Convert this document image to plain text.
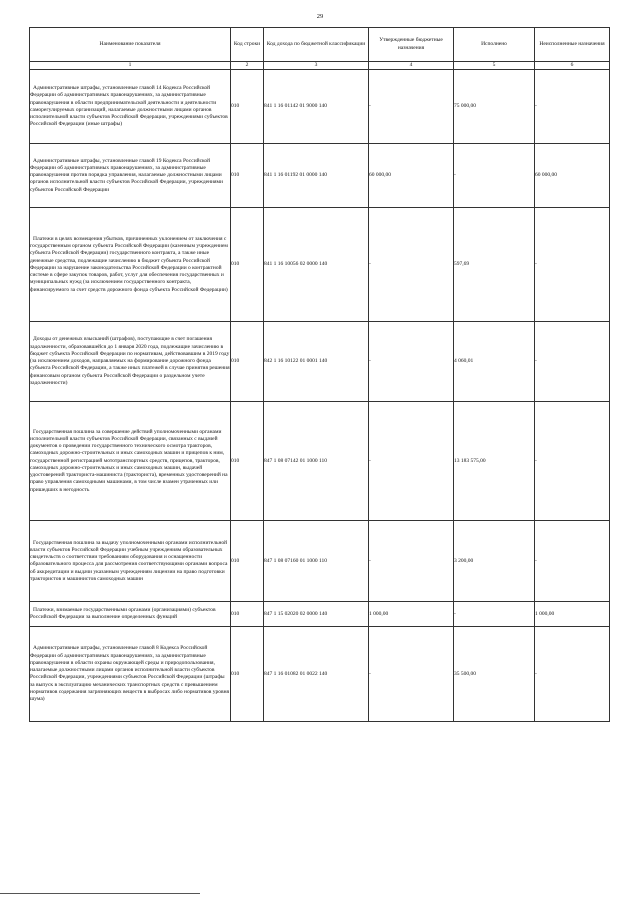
29
Наименование показателя	Код строки	Код дохода по бюджетной классификации	Утвержденные бюджетные назначения	Исполнено	Неисполненные назначения
1	2	3	4	5	6
Административные штрафы, установленные главой 14 Кодекса Российской Федерации об административных правонарушениях, за административные правонарушения в области предпринимательской деятельности и деятельности саморегулируемых организаций, налагаемые должностными лицами органов исполнительной власти субъектов Российской Федерации, учреждениями субъектов Российской Федерации (иные штрафы)	010	841 1 16 01142 01 9000 140	-	75 000,00	-
Административные штрафы, установленные главой 19 Кодекса Российской Федерации об административных правонарушениях, за административные правонарушения против порядка управления, налагаемые должностными лицами органов исполнительной власти субъектов Российской Федерации, учреждениями субъектов Российской Федерации	010	841 1 16 01192 01 0000 140	60 000,00	-	60 000,00
Платежи в целях возмещения убытков, причиненных уклонением от заключения с государственным органом субъекта Российской Федерации (казенным учреждением субъекта Российской Федерации) государственного контракта, а также иные денежные средства, подлежащие зачислению в бюджет субъекта Российской Федерации за нарушение законодательства Российской Федерации о контрактной системе в сфере закупок товаров, работ, услуг для обеспечения государственных и муниципальных нужд (за исключением государственного контракта, финансируемого за счет средств дорожного фонда субъекта Российской Федерации)	010	841 1 16 10056 02 0000 140	-	597,69	-
Доходы от денежных взысканий (штрафов), поступающие в счет погашения задолженности, образовавшейся до 1 января 2020 года, подлежащие зачислению в бюджет субъекта Российской Федерации по нормативам, действовавшим в 2019 году (за исключением доходов, направляемых на формирование дорожного фонда субъекта Российской Федерации, а также иных платежей в случае принятия решения финансовым органом субъекта Российской Федерации о раздельном учете задолженности)	010	842 1 16 10122 01 0001 140	-	4 060,01	-
Государственная пошлина за совершение действий уполномоченными органами исполнительной власти субъектов Российской Федерации, связанных с выдачей документов о проведении государственного технического осмотра тракторов, самоходных дорожно-строительных и иных самоходных машин и прицепов к ним, государственной регистрацией мототранспортных средств, прицепов, тракторов, самоходных дорожно-строительных и иных самоходных машин, выдачей удостоверений тракториста-машиниста (тракториста), временных удостоверений на право управления самоходными машинами, в том числе взамен утраченных или пришедших в негодность	010	847 1 08 07142 01 1000 110	-	13 183 575,00	-
Государственная пошлина за выдачу уполномоченными органами исполнительной власти субъектов Российской Федерации учебным учреждениям образовательных свидетельств о соответствии требованиям оборудования и оснащенности образовательного процесса для рассмотрения соответствующими органами вопроса об аккредитации и выдачи указанным учреждениям лицензии на право подготовки трактористов и машинистов самоходных машин	010	847 1 08 07160 01 1000 110	-	3 200,00	-
Платежи, взимаемые государственными органами (организациями) субъектов Российской Федерации за выполнение определенных функций	010	847 1 15 02020 02 0000 140	1 000,00	-	1 000,00
Административные штрафы, установленные главой 8 Кодекса Российской Федерации об административных правонарушениях, за административные правонарушения в области охраны окружающей среды и природопользования, налагаемые должностными лицами органов исполнительной власти субъектов Российской Федерации, учреждениями субъектов Российской Федерации (штрафы за выпуск в эксплуатацию механических транспортных средств с превышением нормативов содержания загрязняющих веществ в выбросах либо нормативов уровня шума)	010	847 1 16 01082 01 0022 140	-	35 500,00	-
